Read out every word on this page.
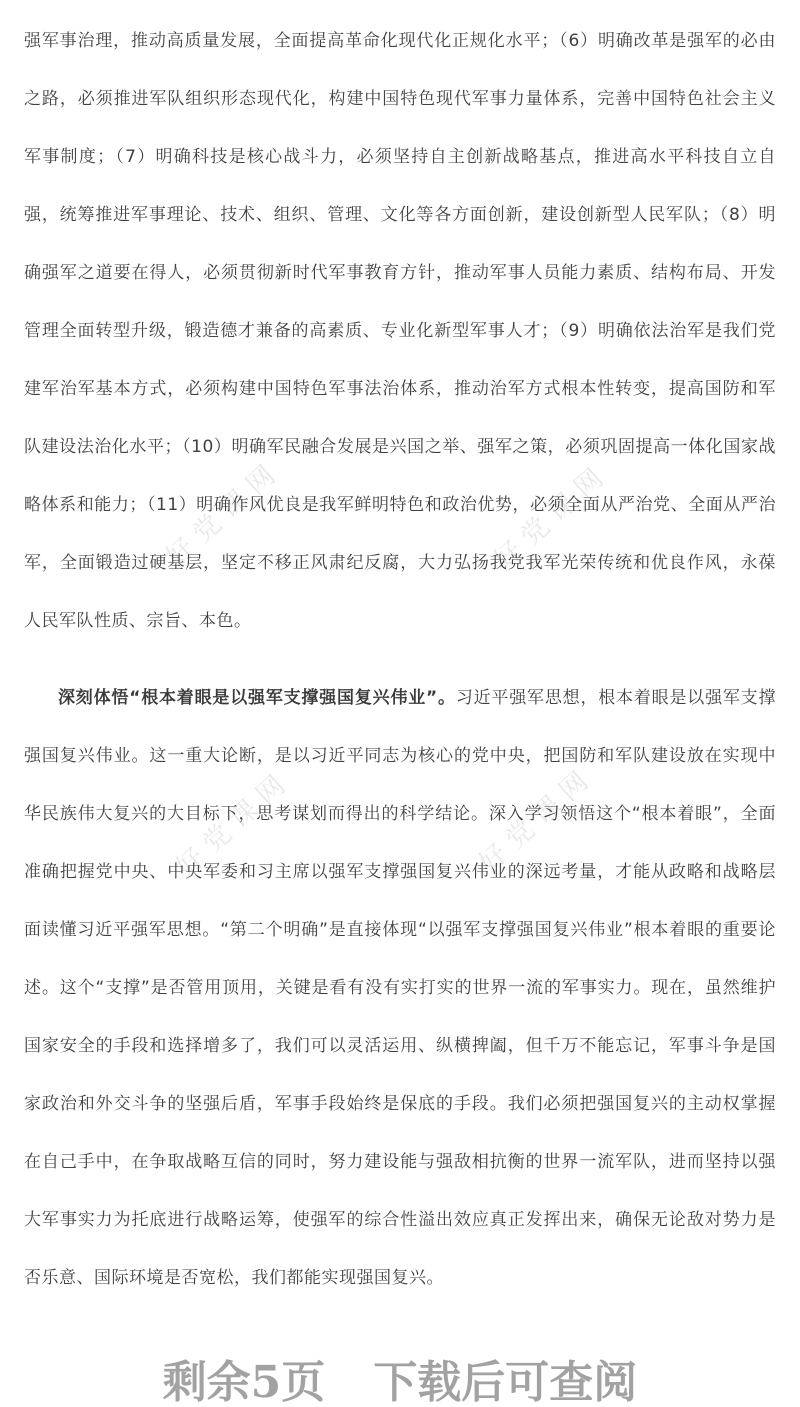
好党课网	好党课网
好党课网	好党课网

强军事治理，推动高质量发展，全面提高革命化现代化正规化水平；（6）明确改革是强军的必由之路，必须推进军队组织形态现代化，构建中国特色现代军事力量体系，完善中国特色社会主义军事制度；（7）明确科技是核心战斗力，必须坚持自主创新战略基点，推进高水平科技自立自强，统筹推进军事理论、技术、组织、管理、文化等各方面创新，建设创新型人民军队；（8）明确强军之道要在得人，必须贯彻新时代军事教育方针，推动军事人员能力素质、结构布局、开发管理全面转型升级，锻造德才兼备的高素质、专业化新型军事人才；（9）明确依法治军是我们党建军治军基本方式，必须构建中国特色军事法治体系，推动治军方式根本性转变，提高国防和军队建设法治化水平；（10）明确军民融合发展是兴国之举、强军之策，必须巩固提高一体化国家战略体系和能力；（11）明确作风优良是我军鲜明特色和政治优势，必须全面从严治党、全面从严治军，全面锻造过硬基层，坚定不移正风肃纪反腐，大力弘扬我党我军光荣传统和优良作风，永葆人民军队性质、宗旨、本色。

深刻体悟“根本着眼是以强军支撑强国复兴伟业”。习近平强军思想，根本着眼是以强军支撑强国复兴伟业。这一重大论断，是以习近平同志为核心的党中央，把国防和军队建设放在实现中华民族伟大复兴的大目标下，思考谋划而得出的科学结论。深入学习领悟这个“根本着眼”，全面准确把握党中央、中央军委和习主席以强军支撑强国复兴伟业的深远考量，才能从政略和战略层面读懂习近平强军思想。“第二个明确”是直接体现“以强军支撑强国复兴伟业”根本着眼的重要论述。这个“支撑”是否管用顶用，关键是看有没有实打实的世界一流的军事实力。现在，虽然维护国家安全的手段和选择增多了，我们可以灵活运用、纵横捭阖，但千万不能忘记，军事斗争是国家政治和外交斗争的坚强后盾，军事手段始终是保底的手段。我们必须把强国复兴的主动权掌握在自己手中，在争取战略互信的同时，努力建设能与强敌相抗衡的世界一流军队，进而坚持以强大军事实力为托底进行战略运筹，使强军的综合性溢出效应真正发挥出来，确保无论敌对势力是否乐意、国际环境是否宽松，我们都能实现强国复兴。

剩余5页 下载后可查阅
